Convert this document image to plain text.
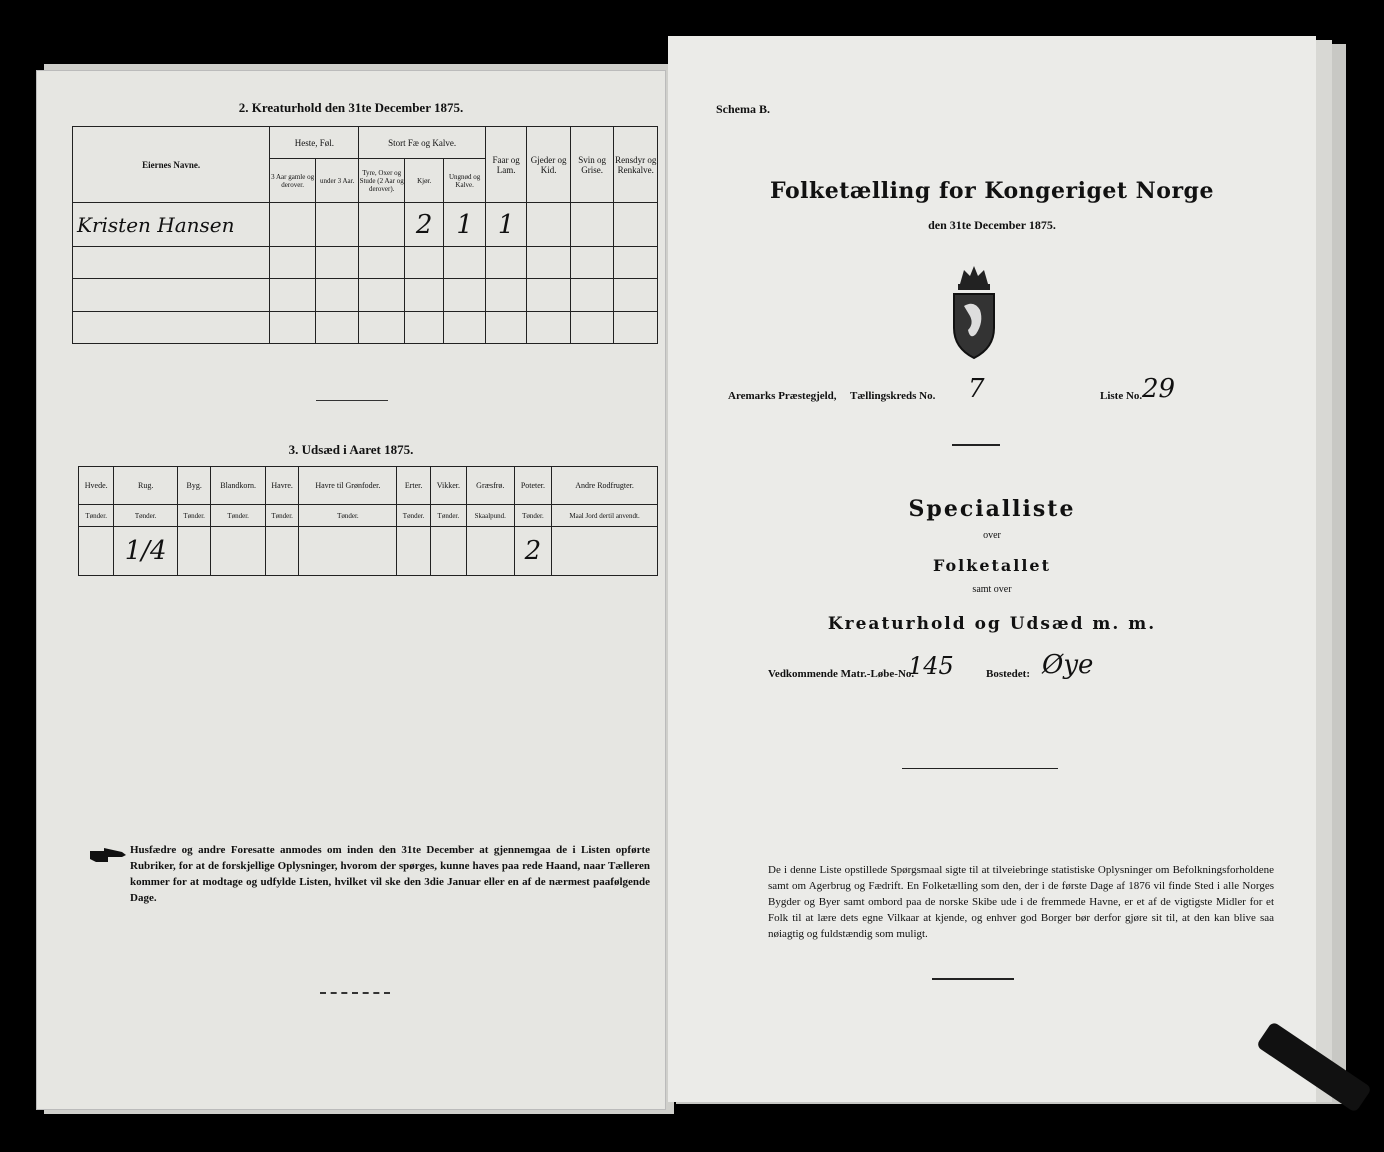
2. Kreaturhold den 31te December 1875.
Eiernes Navne.	Heste, Føl.		Stort Fæ og Kalve.			Faar og Lam.	Gjeder og Kid.	Svin og Grise.	Rensdyr og Renkalve.
	3 Aar gamle og derover.	under 3 Aar.	Tyre, Oxer og Stude (2 Aar og derover).	Kjør.	Ungnød og Kalve.				
Kristen Hansen				2	1	1			

3. Udsæd i Aaret 1875.
Hvede.	Rug.	Byg.	Blandkorn.	Havre.	Havre til Grønfoder.	Erter.	Vikker.	Græsfrø.	Poteter.	Andre Rodfrugter.
Tønder.	Tønder.	Tønder.	Tønder.	Tønder.	Tønder.	Tønder.	Tønder.	Skaalpund.	Tønder.	Maal Jord dertil anvendt.
	1/4								2	
Husfædre og andre Foresatte anmodes om inden den 31te December at gjennemgaa de i Listen opførte Rubriker, for at de forskjellige Oplysninger, hvorom der spørges, kunne haves paa rede Haand, naar Tælleren kommer for at modtage og udfylde Listen, hvilket vil ske den 3die Januar eller en af de nærmest paafølgende Dage.
Schema B.
Folketælling for Kongeriget Norge
den 31te December 1875.
Aremarks Præstegjeld, Tællingskreds No. 7	Liste No. 29
Specialliste
over
Folketallet
samt over
Kreaturhold og Udsæd m. m.
Vedkommende Matr.-Løbe-No.
145	Bostedet: Øye
De i denne Liste opstillede Spørgsmaal sigte til at tilveiebringe statistiske Oplysninger om Befolkningsforholdene samt om Agerbrug og Fædrift. En Folketælling som den, der i de første Dage af 1876 vil finde Sted i alle Norges Bygder og Byer samt ombord paa de norske Skibe ude i de fremmede Havne, er et af de vigtigste Midler for et Folk til at lære dets egne Vilkaar at kjende, og enhver god Borger bør derfor gjøre sit til, at den kan blive saa nøiagtig og fuldstændig som muligt.
